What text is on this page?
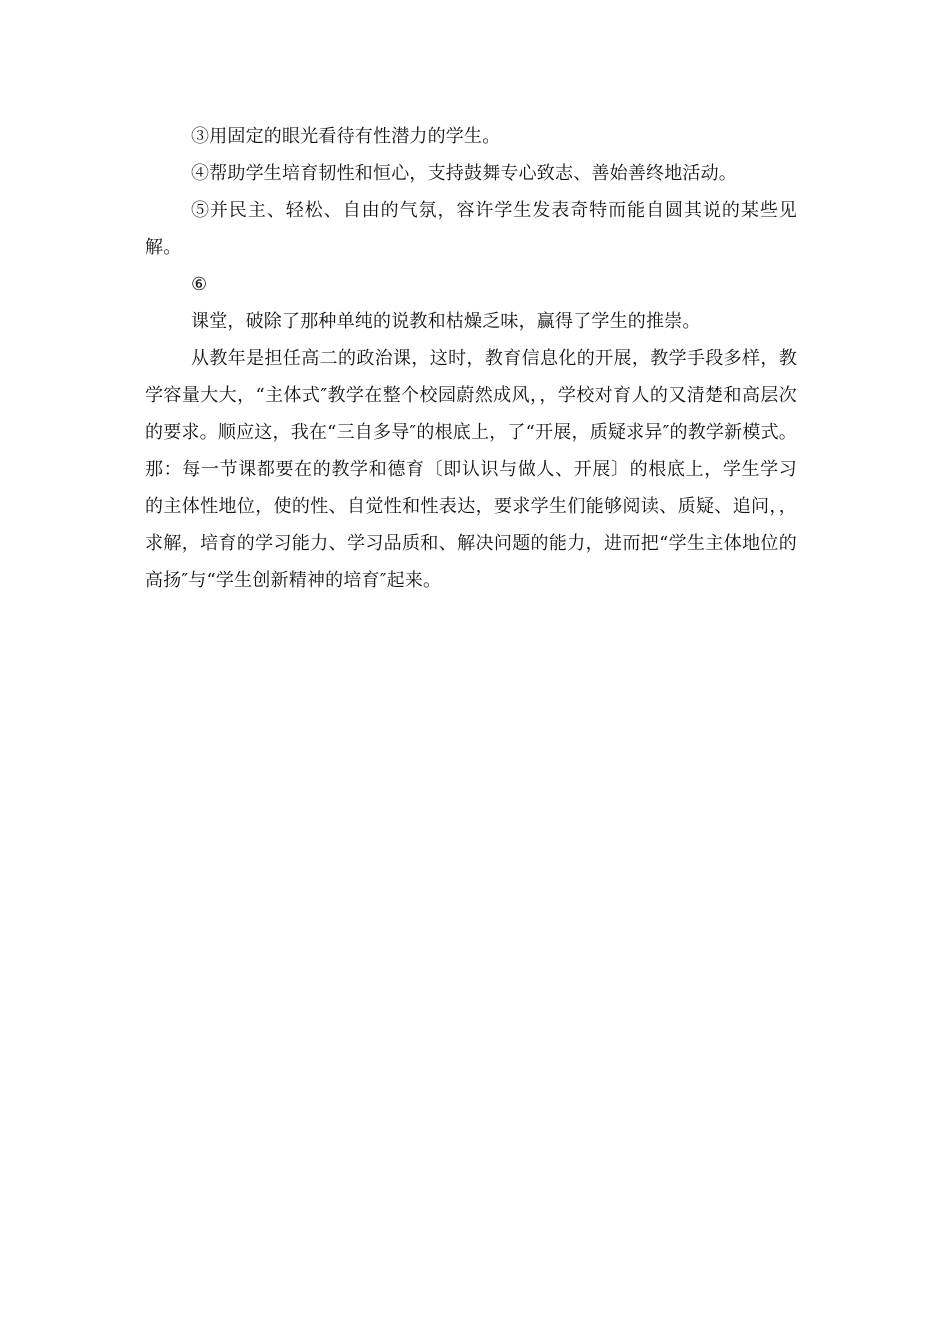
③用固定的眼光看待有性潜力的学生。

④帮助学生培育韧性和恒心，支持鼓舞专心致志、善始善终地活动。

⑤并民主、轻松、自由的气氛，容许学生发表奇特而能自圆其说的某些见解。

⑥

课堂，破除了那种单纯的说教和枯燥乏味，赢得了学生的推崇。

从教年是担任高二的政治课，这时，教育信息化的开展，教学手段多样，教学容量大大，“主体式″教学在整个校园蔚然成风，，学校对育人的又清楚和高层次的要求。顺应这，我在“三自多导″的根底上，了“开展，质疑求异″的教学新模式。那：每一节课都要在的教学和德育〔即认识与做人、开展〕的根底上，学生学习的主体性地位，使的性、自觉性和性表达，要求学生们能够阅读、质疑、追问，，求解，培育的学习能力、学习品质和、解决问题的能力，进而把“学生主体地位的高扬″与“学生创新精神的培育″起来。
